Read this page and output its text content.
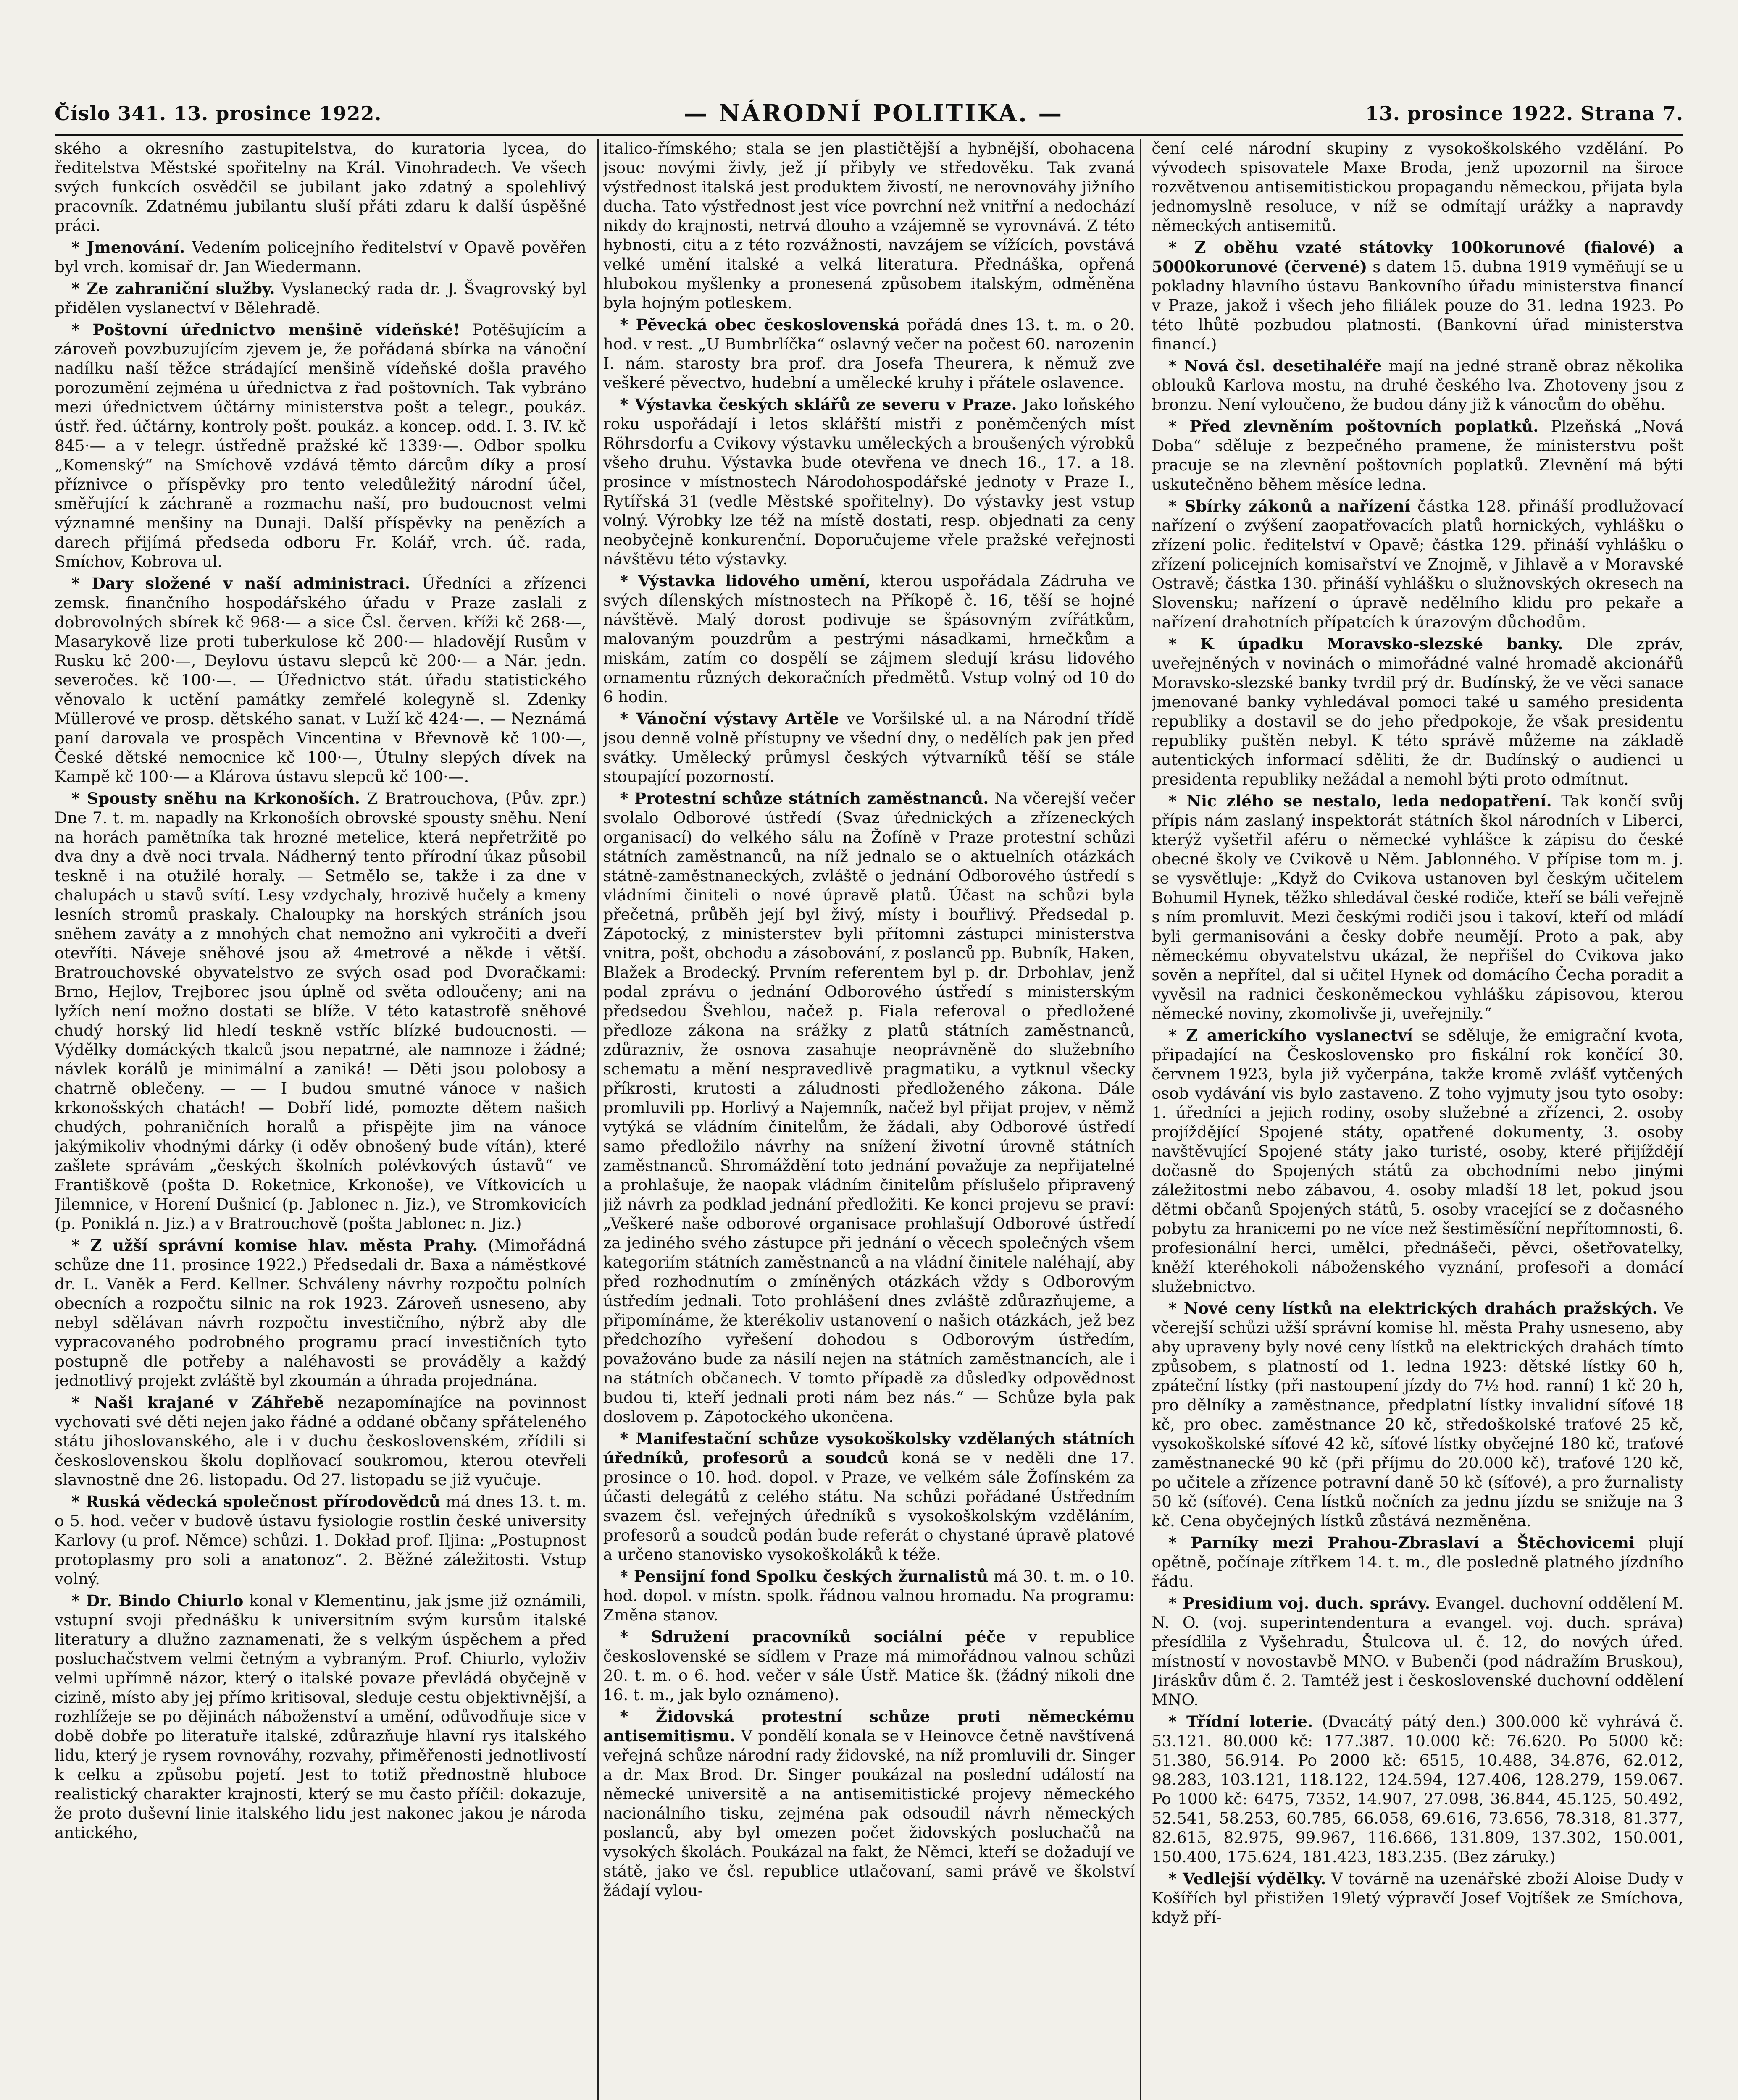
Číslo 341. 13. prosince 1922.	— NÁRODNÍ POLITIKA. —	13. prosince 1922. Strana 7.

ského a okresního zastupitelstva, do kuratoria lycea, do ředitelstva Městské spořitelny na Král. Vinohradech. Ve všech svých funkcích osvědčil se jubilant jako zdatný a spolehlivý pracovník. Zdatnému jubilantu sluší přáti zdaru k další úspěšné práci.

* Jmenování. Vedením policejního ředitelství v Opavě pověřen byl vrch. komisař dr. Jan Wiedermann.

* Ze zahraniční služby. Vyslanecký rada dr. J. Švagrovský byl přidělen vyslanectví v Bělehradě.

* Poštovní úřednictvo menšině vídeňské! Potěšujícím a zároveň povzbuzujícím zjevem je, že pořádaná sbírka na vánoční nadílku naší těžce strádající menšině vídeňské došla pravého porozumění zejména u úřednictva z řad poštovních. Tak vybráno mezi úřednictvem účtárny ministerstva pošt a telegr., poukáz. ústř. řed. účtárny, kontroly pošt. poukáz. a koncep. odd. I. 3. IV. kč 845·— a v telegr. ústředně pražské kč 1339·—. Odbor spolku „Komenský“ na Smíchově vzdává těmto dárcům díky a prosí příznivce o příspěvky pro tento veledůležitý národní účel, směřující k záchraně a rozmachu naší, pro budoucnost velmi významné menšiny na Dunaji. Další příspěvky na penězích a darech přijímá předseda odboru Fr. Kolář, vrch. úč. rada, Smíchov, Kobrova ul.

* Dary složené v naší administraci. Úředníci a zřízenci zemsk. finančního hospodářského úřadu v Praze zaslali z dobrovolných sbírek kč 968·— a sice Čsl. červen. kříži kč 268·—, Masarykově lize proti tuberkulose kč 200·— hladovějí Rusům v Rusku kč 200·—, Deylovu ústavu slepců kč 200·— a Nár. jedn. severočes. kč 100·—. — Úřednictvo stát. úřadu statistického věnovalo k uctění památky zemřelé kolegyně sl. Zdenky Müllerové ve prosp. dětského sanat. v Luží kč 424·—. — Neznámá paní darovala ve prospěch Vincentina v Břevnově kč 100·—, České dětské nemocnice kč 100·—, Útulny slepých dívek na Kampě kč 100·— a Klárova ústavu slepců kč 100·—.

* Spousty sněhu na Krkonoších. Z Bratrouchova, (Pův. zpr.) Dne 7. t. m. napadly na Krkonoších obrovské spousty sněhu. Není na horách pamětníka tak hrozné metelice, která nepřetržitě po dva dny a dvě noci trvala. Nádherný tento přírodní úkaz působil teskně i na otužilé horaly. — Setmělo se, takže i za dne v chalupách u stavů svítí. Lesy vzdychaly, hrozivě hučely a kmeny lesních stromů praskaly. Chaloupky na horských stráních jsou sněhem zaváty a z mnohých chat nemožno ani vykročiti a dveří otevříti. Náveje sněhové jsou až 4metrové a někde i větší. Bratrouchovské obyvatelstvo ze svých osad pod Dvoračkami: Brno, Hejlov, Trejborec jsou úplně od světa odloučeny; ani na lyžích není možno dostati se blíže. V této katastrofě sněhové chudý horský lid hledí teskně vstříc blízké budoucnosti. — Výdělky domáckých tkalců jsou nepatrné, ale namnoze i žádné; návlek korálů je minimální a zaniká! — Děti jsou polobosy a chatrně oblečeny. — — I budou smutné vánoce v našich krkonošských chatách! — Dobří lidé, pomozte dětem našich chudých, pohraničních horalů a přispějte jim na vánoce jakýmikoliv vhodnými dárky (i oděv obnošený bude vítán), které zašlete správám „českých školních polévkových ústavů“ ve Františkově (pošta D. Roketnice, Krkonoše), ve Vítkovicích u Jilemnice, v Horení Dušnicí (p. Jablonec n. Jiz.), ve Stromkovicích (p. Poniklá n. Jiz.) a v Bratrouchově (pošta Jablonec n. Jiz.)

* Z užší správní komise hlav. města Prahy. (Mimořádná schůze dne 11. prosince 1922.) Předsedali dr. Baxa a náměstkové dr. L. Vaněk a Ferd. Kellner. Schváleny návrhy rozpočtu polních obecních a rozpočtu silnic na rok 1923. Zároveň usneseno, aby nebyl sdělávan návrh rozpočtu investičního, nýbrž aby dle vypracovaného podrobného programu prací investičních tyto postupně dle potřeby a naléhavosti se prováděly a každý jednotlivý projekt zvláště byl zkoumán a úhrada projednána.

* Naši krajané v Záhřebě nezapomínajíce na povinnost vychovati své děti nejen jako řádné a oddané občany spřáteleného státu jihoslovanského, ale i v duchu československém, zřídili si československou školu doplňovací soukromou, kterou otevřeli slavnostně dne 26. listopadu. Od 27. listopadu se již vyučuje.

* Ruská vědecká společnost přírodovědců má dnes 13. t. m. o 5. hod. večer v budově ústavu fysiologie rostlin české university Karlovy (u prof. Němce) schůzi. 1. Dokład prof. Iljina: „Postupnost protoplasmy pro soli a anatonoz“. 2. Běžné záležitosti. Vstup volný.

* Dr. Bindo Chiurlo konal v Klementinu, jak jsme již oznámili, vstupní svoji přednášku k universitním svým kursům italské literatury a dlužno zaznamenati, že s velkým úspěchem a před posluchačstvem velmi četným a vybraným. Prof. Chiurlo, vyloživ velmi upřímně názor, který o italské povaze převládá obyčejně v cizině, místo aby jej přímo kritisoval, sleduje cestu objektivnější, a rozhlížeje se po dějinách náboženství a umění, odůvodňuje sice v době dobře po literatuře italské, zdůrazňuje hlavní rys italského lidu, který je rysem rovnováhy, rozvahy, přiměřenosti jednotlivostí k celku a způsobu pojetí. Jest to totiž přednostně hluboce realistický charakter krajnosti, který se mu často příčil: dokazuje, že proto duševní linie italského lidu jest nakonec jakou je národa antického,

italico-římského; stala se jen plastičtější a hybnější, obohacena jsouc novými živly, jež jí přibyly ve středověku. Tak zvaná výstřednost italská jest produktem živostí, ne nerovnováhy jižního ducha. Tato výstřednost jest více povrchní než vnitřní a nedochází nikdy do krajnosti, netrvá dlouho a vzájemně se vyrovnává. Z této hybnosti, citu a z této rozvážnosti, navzájem se vížících, povstává velké umění italské a velká literatura. Přednáška, opřená hlubokou myšlenky a pronesená způsobem italským, odměněna byla hojným potleskem.

* Pěvecká obec československá pořádá dnes 13. t. m. o 20. hod. v rest. „U Bumbrlíčka“ oslavný večer na počest 60. narozenin I. nám. starosty bra prof. dra Josefa Theurera, k němuž zve veškeré pěvectvo, hudební a umělecké kruhy i přátele oslavence.

* Výstavka českých sklářů ze severu v Praze. Jako loňského roku uspořádají i letos sklářští mistři z poněmčených míst Röhrsdorfu a Cvikovy výstavku uměleckých a broušených výrobků všeho druhu. Výstavka bude otevřena ve dnech 16., 17. a 18. prosince v místnostech Národohospodářské jednoty v Praze I., Rytířská 31 (vedle Městské spořitelny). Do výstavky jest vstup volný. Výrobky lze též na místě dostati, resp. objednati za ceny neobyčejně konkurenční. Doporučujeme vřele pražské veřejnosti návštěvu této výstavky.

* Výstavka lidového umění, kterou uspořádala Zádruha ve svých dílenských místnostech na Příkopě č. 16, těší se hojné návštěvě. Malý dorost podivuje se špásovným zvířátkům, malovaným pouzdrům a pestrými násadkami, hrnečkům a miskám, zatím co dospělí se zájmem sledují krásu lidového ornamentu různých dekoračních předmětů. Vstup volný od 10 do 6 hodin.

* Vánoční výstavy Artěle ve Voršilské ul. a na Národní třídě jsou denně volně přístupny ve všední dny, o nedělích pak jen před svátky. Umělecký průmysl českých výtvarníků těší se stále stoupající pozorností.

* Protestní schůze státních zaměstnanců. Na včerejší večer svolalo Odborové ústředí (Svaz úřednických a zřízeneckých organisací) do velkého sálu na Žofíně v Praze protestní schůzi státních zaměstnanců, na níž jednalo se o aktuelních otázkách státně-zaměstnaneckých, zvláště o jednání Odborového ústředí s vládními činiteli o nové úpravě platů. Účast na schůzi byla přečetná, průběh její byl živý, místy i bouřlivý. Předsedal p. Zápotocký, z ministerstev byli přítomni zástupci ministerstva vnitra, pošt, obchodu a zásobování, z poslanců pp. Bubník, Haken, Blažek a Brodecký. Prvním referentem byl p. dr. Drbohlav, jenž podal zprávu o jednání Odborového ústředí s ministerským předsedou Švehlou, načež p. Fiala referoval o předložené předloze zákona na srážky z platů státních zaměstnanců, zdůrazniv, že osnova zasahuje neoprávněně do služebního schematu a mění nespravedlivě pragmatiku, a vytknul všecky příkrosti, krutosti a záludnosti předloženého zákona. Dále promluvili pp. Horlivý a Najemník, načež byl přijat projev, v němž vytýká se vládním činitelům, že žádali, aby Odborové ústředí samo předložilo návrhy na snížení životní úrovně státních zaměstnanců. Shromáždění toto jednání považuje za nepřijatelné a prohlašuje, že naopak vládním činitelům příslušelo připravený již návrh za podklad jednání předložiti. Ke konci projevu se praví: „Veškeré naše odborové organisace prohlašují Odborové ústředí za jediného svého zástupce při jednání o věcech společných všem kategoriím státních zaměstnanců a na vládní činitele naléhají, aby před rozhodnutím o zmíněných otázkách vždy s Odborovým ústředím jednali. Toto prohlášení dnes zvláště zdůrazňujeme, a připomínáme, že kterékoliv ustanovení o našich otázkách, jež bez předchozího vyřešení dohodou s Odborovým ústředím, považováno bude za násilí nejen na státních zaměstnancích, ale i na státních občanech. V tomto případě za důsledky odpovědnost budou ti, kteří jednali proti nám bez nás.“ — Schůze byla pak doslovem p. Zápotockého ukončena.

* Manifestační schůze vysokoškolsky vzdělaných státních úředníků, profesorů a soudců koná se v neděli dne 17. prosince o 10. hod. dopol. v Praze, ve velkém sále Žofínském za účasti delegátů z celého státu. Na schůzi pořádané Ústředním svazem čsl. veřejných úředníků s vysokoškolským vzděláním, profesorů a soudců podán bude referát o chystané úpravě platové a určeno stanovisko vysokoškoláků k téže.

* Pensijní fond Spolku českých žurnalistů má 30. t. m. o 10. hod. dopol. v místn. spolk. řádnou valnou hromadu. Na programu: Změna stanov.

* Sdružení pracovníků sociální péče v republice československé se sídlem v Praze má mimořádnou valnou schůzi 20. t. m. o 6. hod. večer v sále Ústř. Matice šk. (žádný nikoli dne 16. t. m., jak bylo oznámeno).

* Židovská protestní schůze proti německému antisemitismu. V pondělí konala se v Heinovce četně navštívená veřejná schůze národní rady židovské, na níž promluvili dr. Singer a dr. Max Brod. Dr. Singer poukázal na poslední událostí na německé universitě a na antisemitistické projevy německého nacionálního tisku, zejména pak odsoudil návrh německých poslanců, aby byl omezen počet židovských posluchačů na vysokých školách. Poukázal na fakt, že Němci, kteří se dožadují ve státě, jako ve čsl. republice utlačovaní, sami právě ve školství žádají vylou-

čení celé národní skupiny z vysokoškolského vzdělání. Po vývodech spisovatele Maxe Broda, jenž upozornil na široce rozvětvenou antisemitistickou propagandu německou, přijata byla jednomyslně resoluce, v níž se odmítají urážky a napravdy německých antisemitů.

* Z oběhu vzaté státovky 100korunové (fialové) a 5000korunové (červené) s datem 15. dubna 1919 vyměňují se u pokladny hlavního ústavu Bankovního úřadu ministerstva financí v Praze, jakož i všech jeho filiálek pouze do 31. ledna 1923. Po této lhůtě pozbudou platnosti. (Bankovní úřad ministerstva financí.)

* Nová čsl. desetihaléře mají na jedné straně obraz několika oblouků Karlova mostu, na druhé českého lva. Zhotoveny jsou z bronzu. Není vyloučeno, že budou dány již k vánocům do oběhu.

* Před zlevněním poštovních poplatků. Plzeňská „Nová Doba“ sděluje z bezpečného pramene, že ministerstvu pošt pracuje se na zlevnění poštovních poplatků. Zlevnění má býti uskutečněno během měsíce ledna.

* Sbírky zákonů a nařízení částka 128. přináší prodlužovací nařízení o zvýšení zaopatřovacích platů hornických, vyhlášku o zřízení polic. ředitelství v Opavě; částka 129. přináší vyhlášku o zřízení policejních komisařství ve Znojmě, v Jihlavě a v Moravské Ostravě; částka 130. přináší vyhlášku o služnovských okresech na Slovensku; nařízení o úpravě nedělního klidu pro pekaře a nařízení drahotních přípatcích k úrazovým důchodům.

* K úpadku Moravsko-slezské banky. Dle zpráv, uveřejněných v novinách o mimořádné valné hromadě akcionářů Moravsko-slezské banky tvrdil prý dr. Budínský, že ve věci sanace jmenované banky vyhledával pomoci také u samého presidenta republiky a dostavil se do jeho předpokoje, že však presidentu republiky puštěn nebyl. K této správě můžeme na základě autentických informací sděliti, že dr. Budínský o audienci u presidenta republiky nežádal a nemohl býti proto odmítnut.

* Nic zlého se nestalo, leda nedopatření. Tak končí svůj přípis nám zaslaný inspektorát státních škol národních v Liberci, kterýž vyšetřil aféru o německé vyhlášce k zápisu do české obecné školy ve Cvikově u Něm. Jablonného. V přípise tom m. j. se vysvětluje: „Když do Cvikova ustanoven byl českým učitelem Bohumil Hynek, těžko shledával české rodiče, kteří se báli veřejně s ním promluvit. Mezi českými rodiči jsou i takoví, kteří od mládí byli germanisováni a česky dobře neumějí. Proto a pak, aby německému obyvatelstvu ukázal, že nepřišel do Cvikova jako sověn a nepřítel, dal si učitel Hynek od domácího Čecha poradit a vyvěsil na radnici českoněmeckou vyhlášku zápisovou, kterou německé noviny, zkomolivše ji, uveřejnily.“

* Z americkího vyslanectví se sděluje, že emigrační kvota, připadající na Československo pro fiskální rok končící 30. červnem 1923, byla již vyčerpána, takže kromě zvlášť vytčených osob vydávání vis bylo zastaveno. Z toho vyjmuty jsou tyto osoby: 1. úředníci a jejich rodiny, osoby služebné a zřízenci, 2. osoby projíždějící Spojené státy, opatřené dokumenty, 3. osoby navštěvující Spojené státy jako turisté, osoby, které přijíždějí dočasně do Spojených států za obchodními nebo jinými záležitostmi nebo zábavou, 4. osoby mladší 18 let, pokud jsou dětmi občanů Spojených států, 5. osoby vracející se z dočasného pobytu za hranicemi po ne více než šestiměsíční nepřítomnosti, 6. profesionální herci, umělci, přednášeči, pěvci, ošetřovatelky, kněží kteréhokoli náboženského vyznání, profesoři a domácí služebnictvo.

* Nové ceny lístků na elektrických drahách pražských. Ve včerejší schůzi užší správní komise hl. města Prahy usneseno, aby aby upraveny byly nové ceny lístků na elektrických drahách tímto způsobem, s platností od 1. ledna 1923: dětské lístky 60 h, zpáteční lístky (při nastoupení jízdy do 7½ hod. ranní) 1 kč 20 h, pro dělníky a zaměstnance, předplatní lístky invalidní síťové 18 kč, pro obec. zaměstnance 20 kč, středoškolské traťové 25 kč, vysokoškolské síťové 42 kč, síťové lístky obyčejné 180 kč, traťové zaměstnanecké 90 kč (při příjmu do 20.000 kč), traťové 120 kč, po učitele a zřízence potravní daně 50 kč (síťové), a pro žurnalisty 50 kč (síťové). Cena lístků nočních za jednu jízdu se snižuje na 3 kč. Cena obyčejných lístků zůstává nezměněna.

* Parníky mezi Prahou-Zbraslaví a Štěchovicemi plují opětně, počínaje zítřkem 14. t. m., dle posledně platného jízdního řádu.

* Presidium voj. duch. správy. Evangel. duchovní oddělení M. N. O. (voj. superintendentura a evangel. voj. duch. správa) přesídlila z Vyšehradu, Štulcova ul. č. 12, do nových úřed. místností v novostavbě MNO. v Bubenči (pod nádražím Bruskou), Jiráskův dům č. 2. Tamtéž jest i československé duchovní oddělení MNO.

* Třídní loterie. (Dvacátý pátý den.) 300.000 kč vyhrává č. 53.121. 80.000 kč: 177.387. 10.000 kč: 76.620. Po 5000 kč: 51.380, 56.914. Po 2000 kč: 6515, 10.488, 34.876, 62.012, 98.283, 103.121, 118.122, 124.594, 127.406, 128.279, 159.067. Po 1000 kč: 6475, 7352, 14.907, 27.098, 36.844, 45.125, 50.492, 52.541, 58.253, 60.785, 66.058, 69.616, 73.656, 78.318, 81.377, 82.615, 82.975, 99.967, 116.666, 131.809, 137.302, 150.001, 150.400, 175.624, 181.423, 183.235. (Bez záruky.)

* Vedlejší výdělky. V továrně na uzenářské zboží Aloise Dudy v Košířích byl přistižen 19letý výpravčí Josef Vojtíšek ze Smíchova, když pří-
